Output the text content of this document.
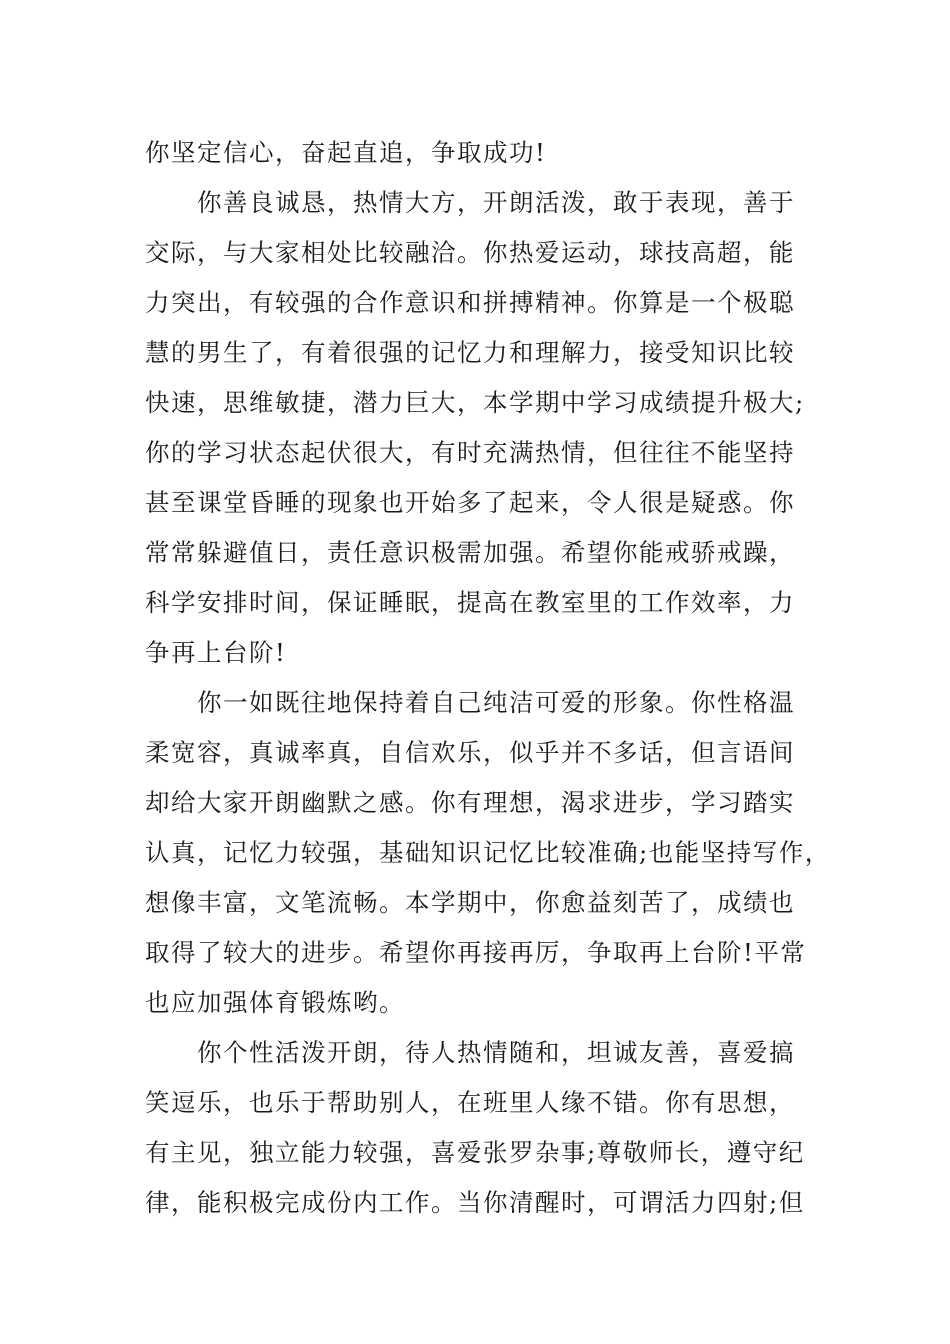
你坚定信心，奋起直追，争取成功!
你善良诚恳，热情大方，开朗活泼，敢于表现，善于
交际，与大家相处比较融洽。你热爱运动，球技高超，能
力突出，有较强的合作意识和拼搏精神。你算是一个极聪
慧的男生了，有着很强的记忆力和理解力，接受知识比较
快速，思维敏捷，潜力巨大，本学期中学习成绩提升极大;
你的学习状态起伏很大，有时充满热情，但往往不能坚持
甚至课堂昏睡的现象也开始多了起来，令人很是疑惑。你
常常躲避值日，责任意识极需加强。希望你能戒骄戒躁，
科学安排时间，保证睡眠，提高在教室里的工作效率，力
争再上台阶!
你一如既往地保持着自己纯洁可爱的形象。你性格温
柔宽容，真诚率真，自信欢乐，似乎并不多话，但言语间
却给大家开朗幽默之感。你有理想，渴求进步，学习踏实
认真，记忆力较强，基础知识记忆比较准确;也能坚持写作，
想像丰富，文笔流畅。本学期中，你愈益刻苦了，成绩也
取得了较大的进步。希望你再接再厉，争取再上台阶!平常
也应加强体育锻炼哟。
你个性活泼开朗，待人热情随和，坦诚友善，喜爱搞
笑逗乐，也乐于帮助别人，在班里人缘不错。你有思想，
有主见，独立能力较强，喜爱张罗杂事;尊敬师长，遵守纪
律，能积极完成份内工作。当你清醒时，可谓活力四射;但
